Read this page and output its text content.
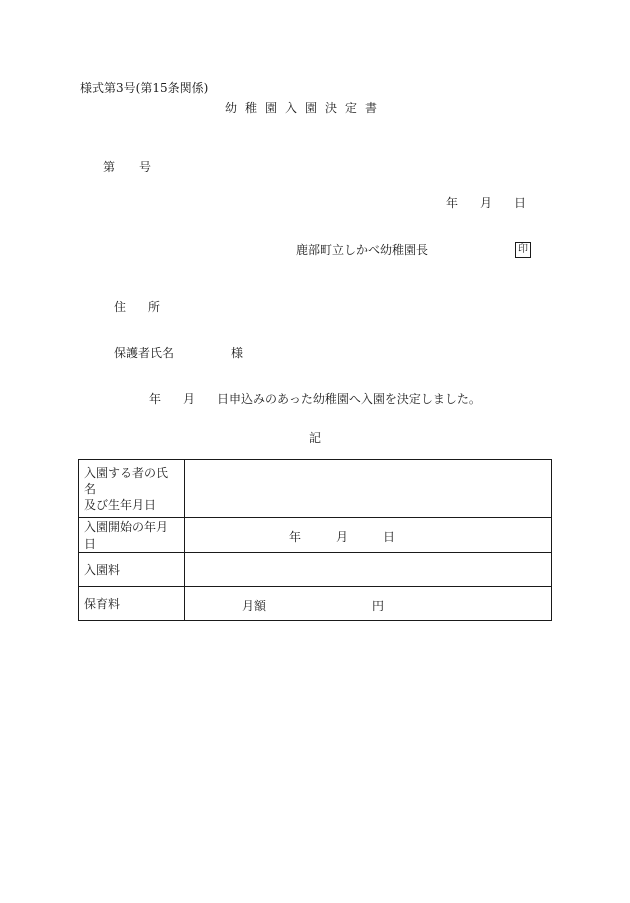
様式第3号(第15条関係)
幼稚園入園決定書
第 号
年 月 日
鹿部町立しかべ幼稚園長	印
住 所
保護者氏名	様
年 月 日申込みのあった幼稚園へ入園を決定しました。
記
入園する者の氏名
及び生年月日	

入園開始の年月日	年 月 日

入園料	
保育料	月額 円
